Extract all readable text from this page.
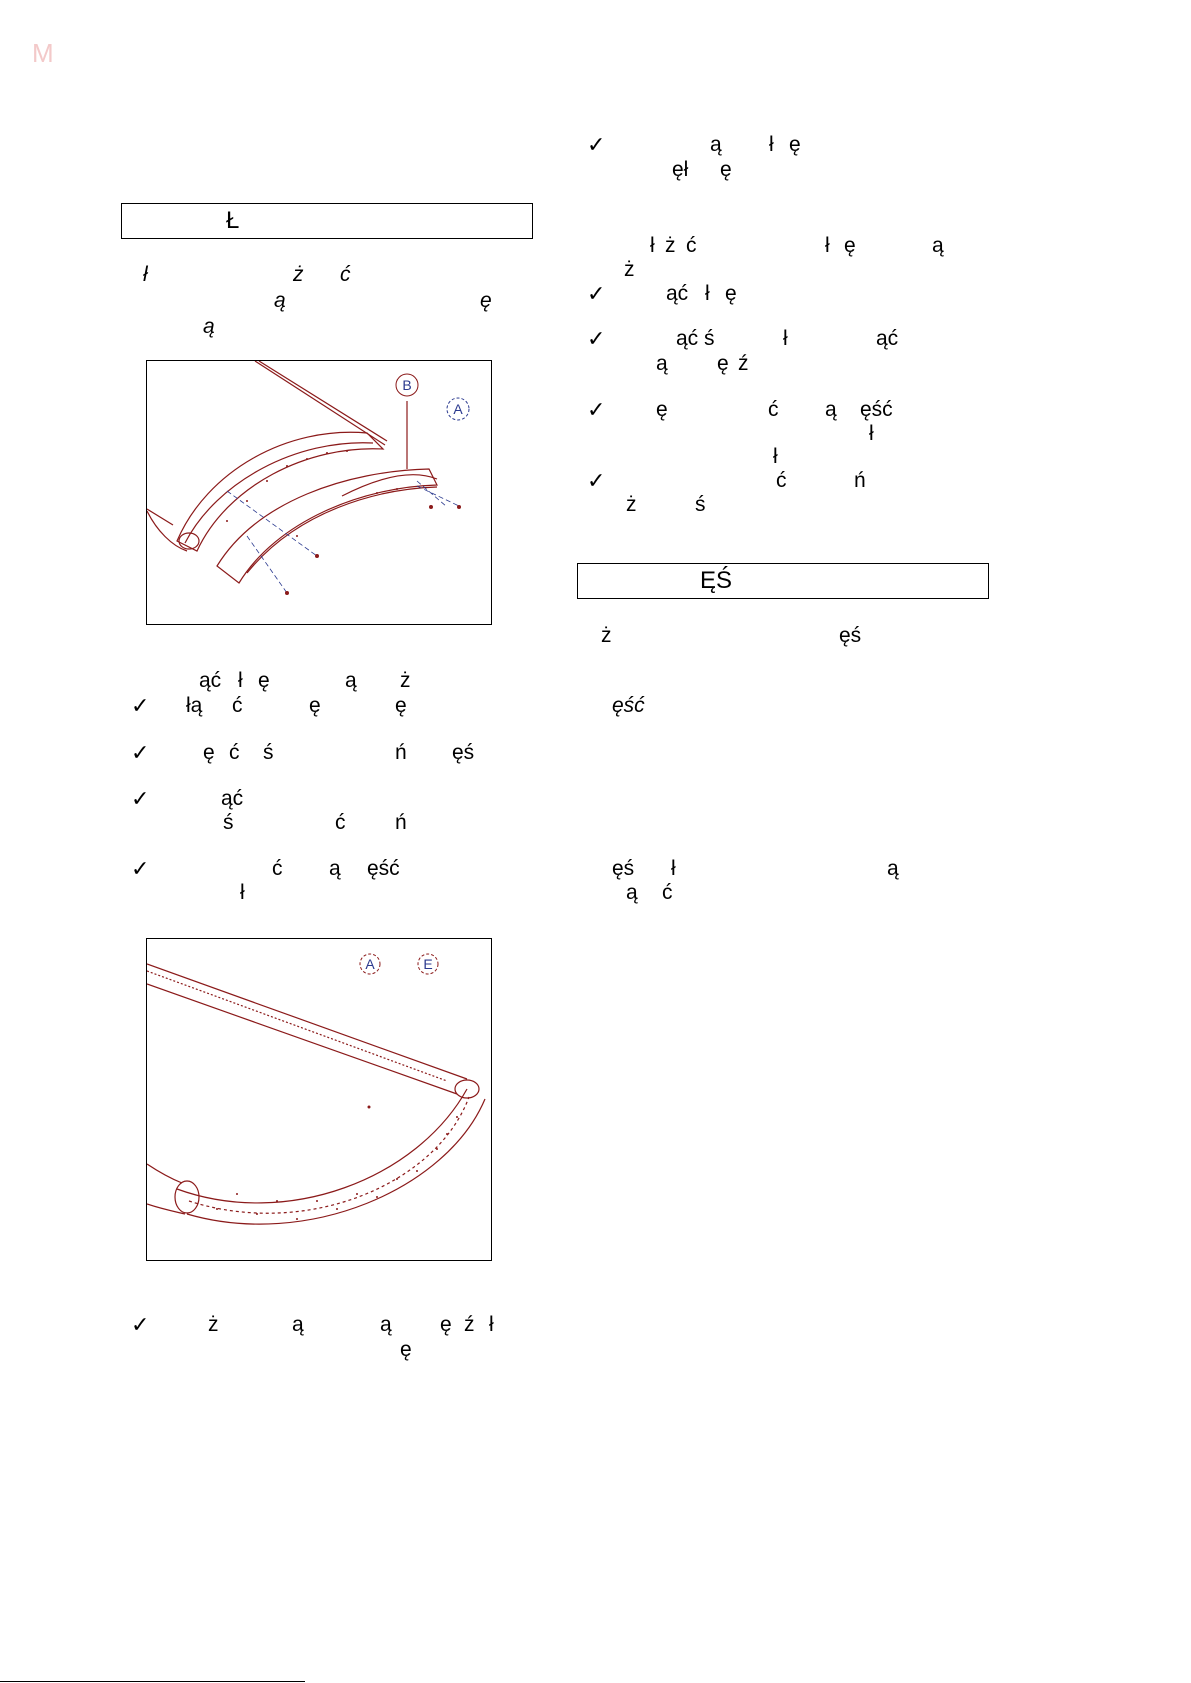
M
Ł
ł	ż ć
ą	ę
ą
B
A
ąć ł ę	ą ż
✓ łą ć	ę	ę
✓	ę ć ś	ń ęś
✓	ąć
ś	ć ń
✓	ć ą ęść
ł
A	E
✓	ż	ą	ą ę ź ł
ę
✓	ą ł ę
ęł ę
ł ż ć	ł ę	ą
ż
✓	ąć ł ę
✓	ąć ś	ł	ąć
ą ę ź
✓ ę	ć ą ęść
ł
ł
✓	ć	ń
ż	ś
ĘŚ
ż	ęś
ęść
ęś ł	ą
ą ć
